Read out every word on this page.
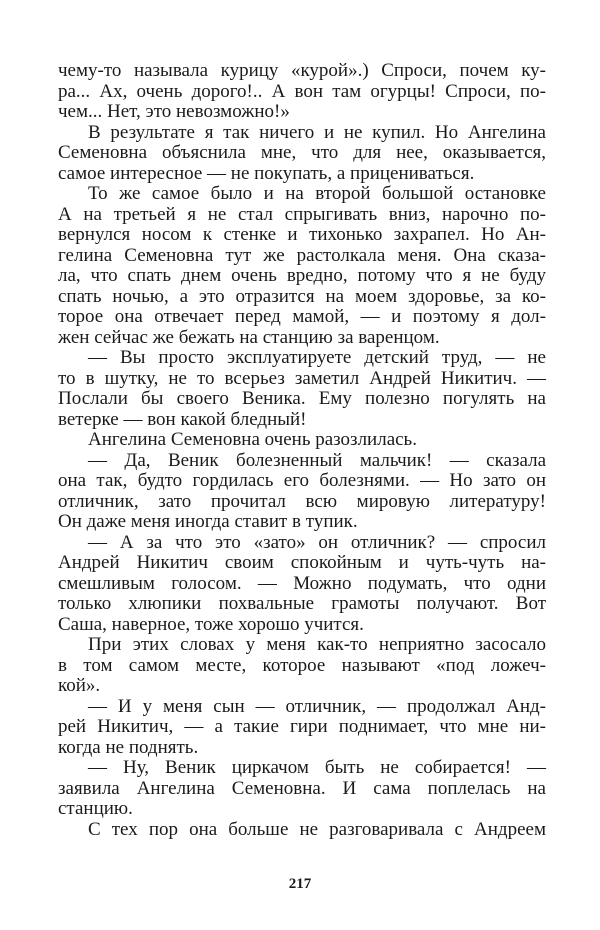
чему-то называла курицу «курой».) Спроси, почем ку-
ра... Ах, очень дорого!.. А вон там огурцы! Спроси, по-
чем... Нет, это невозможно!»
В результате я так ничего и не купил. Но Ангелина
Семеновна объяснила мне, что для нее, оказывается,
самое интересное — не покупать, а прицениваться.
То же самое было и на второй большой остановке
А на третьей я не стал спрыгивать вниз, нарочно по-
вернулся носом к стенке и тихонько захрапел. Но Ан-
гелина Семеновна тут же растолкала меня. Она сказа-
ла, что спать днем очень вредно, потому что я не буду
спать ночью, а это отразится на моем здоровье, за ко-
торое она отвечает перед мамой, — и поэтому я дол-
жен сейчас же бежать на станцию за варенцом.
— Вы просто эксплуатируете детский труд, — не
то в шутку, не то всерьез заметил Андрей Никитич. —
Послали бы своего Веника. Ему полезно погулять на
ветерке — вон какой бледный!
Ангелина Семеновна очень разозлилась.
— Да, Веник болезненный мальчик! — сказала
она так, будто гордилась его болезнями. — Но зато он
отличник, зато прочитал всю мировую литературу!
Он даже меня иногда ставит в тупик.
— А за что это «зато» он отличник? — спросил
Андрей Никитич своим спокойным и чуть-чуть на-
смешливым голосом. — Можно подумать, что одни
только хлюпики похвальные грамоты получают. Вот
Саша, наверное, тоже хорошо учится.
При этих словах у меня как-то неприятно засосало
в том самом месте, которое называют «под ложеч-
кой».
— И у меня сын — отличник, — продолжал Анд-
рей Никитич, — а такие гири поднимает, что мне ни-
когда не поднять.
— Ну, Веник циркачом быть не собирается! —
заявила Ангелина Семеновна. И сама поплелась на
станцию.
С тех пор она больше не разговаривала с Андреем
217
